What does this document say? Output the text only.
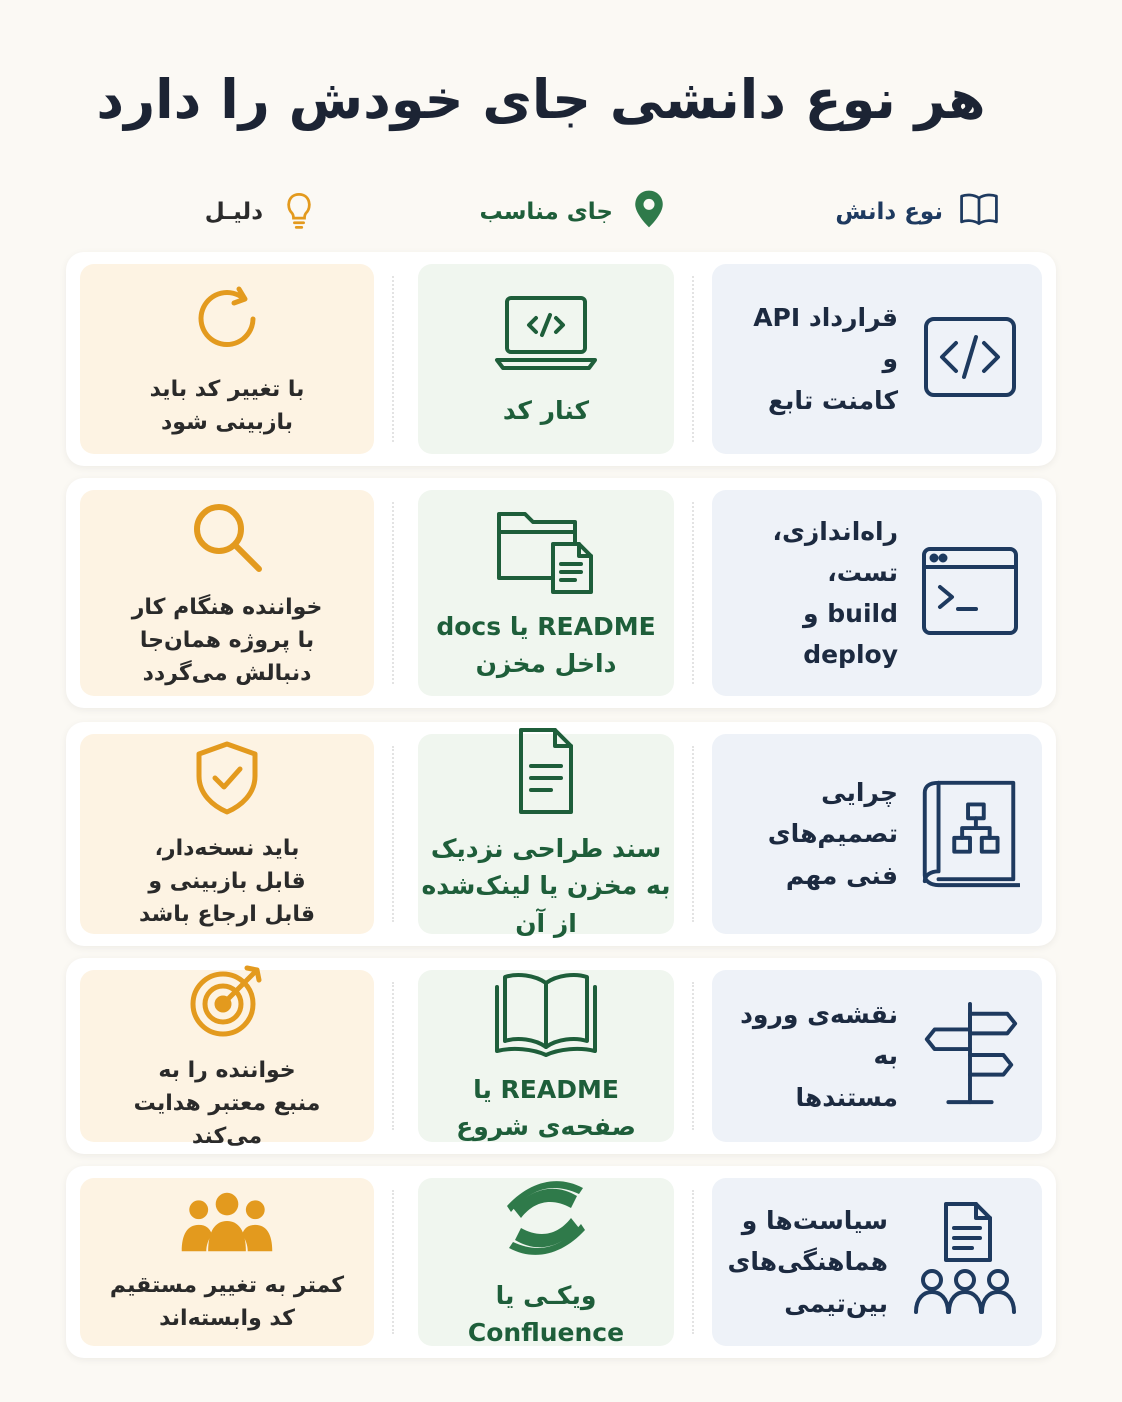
هر نوع دانشی جای خودش را دارد
نوع دانش
جای مناسب
دلیـل
قرارداد API و
کامنت تابع
کنار کد
با تغییر کد باید
بازبینی شود
راه‌اندازی، تست،
build و deploy
README یا docs
داخل مخزن
خواننده هنگام کار
با پروژه همان‌جا
دنبالش می‌گردد
چرایی تصمیم‌های
فنی مهم
سند طراحی نزدیک
به مخزن یا لینک‌شده
از آن
باید نسخه‌دار،
قابل بازبینی و
قابل ارجاع باشد
نقشه‌ی ورود به
مستندها
README یا
صفحه‌ی شروع
خواننده را به
منبع معتبر هدایت
می‌کند
سیاست‌ها و
هماهنگی‌های
بین‌تیمی
ویکـی یا
Confluence
کمتر به تغییر مستقیم
کد وابسته‌اند
